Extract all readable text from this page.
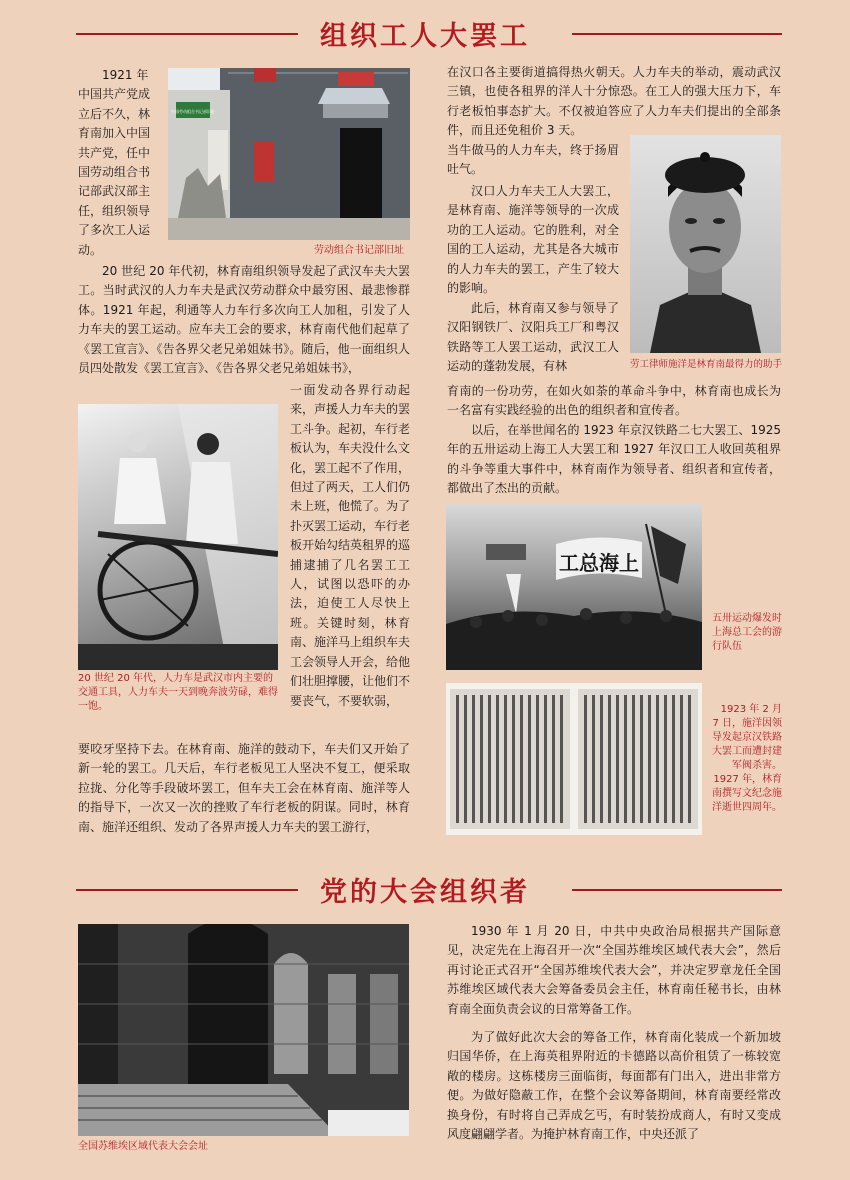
组织工人大罢工
中国劳动组合书记部旧址
劳动组合书记部旧址
1921 年
中国共产党成
立后不久，林
育南加入中国
共产党，任中
国劳动组合书
记部武汉部主
任，组织领导
了多次工人运
动。

20 世纪 20 年代初，林育南组织领导发起了武汉车夫大罢工。当时武汉的人力车夫是武汉劳动群众中最穷困、最悲惨群体。1921 年起，利通等人力车行多次向工人加租，引发了人力车夫的罢工运动。应车夫工会的要求，林育南代他们起草了《罢工宣言》、《告各界父老兄弟姐妹书》。随后，他一面组织人员四处散发《罢工宣言》、《告各界父老兄弟姐妹书》，

20 世纪 20 年代，人力车是武汉市内主要的交通工具，人力车夫一天到晚奔波劳碌，难得一饱。

一面发动各界行动起来，声援人力车夫的罢工斗争。起初，车行老板认为，车夫没什么文化，罢工起不了作用，但过了两天，工人们仍未上班，他慌了。为了扑灭罢工运动，车行老板开始勾结英租界的巡捕逮捕了几名罢工工人，试图以恐吓的办法，迫使工人尽快上班。关键时刻，林育南、施洋马上组织车夫工会领导人开会，给他们壮胆撑腰，让他们不要丧气，不要软弱，

要咬牙坚持下去。在林育南、施洋的鼓动下，车夫们又开始了新一轮的罢工。几天后，车行老板见工人坚决不复工，便采取拉拢、分化等手段破坏罢工，但车夫工会在林育南、施洋等人的指导下，一次又一次的挫败了车行老板的阴谋。同时，林育南、施洋还组织、发动了各界声援人力车夫的罢工游行，

在汉口各主要街道搞得热火朝天。人力车夫的举动，震动武汉三镇，也使各租界的洋人十分惊恐。在工人的强大压力下，车行老板怕事态扩大。不仅被迫答应了人力车夫们提出的全部条件，而且还免租价 3 天。

当牛做马的人力车夫，终于扬眉吐气。

汉口人力车夫工人大罢工，是林育南、施洋等领导的一次成功的工人运动。它的胜利，对全国的工人运动，尤其是各大城市的人力车夫的罢工，产生了较大的影响。

此后，林育南又参与领导了汉阳钢铁厂、汉阳兵工厂和粤汉铁路等工人罢工运动，武汉工人运动的蓬勃发展，有林

育南的一份功劳，在如火如荼的革命斗争中，林育南也成长为一名富有实践经验的出色的组织者和宣传者。

以后，在举世闻名的 1923 年京汉铁路二七大罢工、1925 年的五卅运动上海工人大罢工和 1927 年汉口工人收回英租界的斗争等重大事件中，林育南作为领导者、组织者和宣传者，都做出了杰出的贡献。

劳工律师施洋是林育南最得力的助手
工总海上
五卅运动爆发时上海总工会的游行队伍
1923 年 2 月 7 日，施洋因领导发起京汉铁路大罢工而遭封建军阀杀害。1927 年，林育南撰写文纪念施洋逝世四周年。
党的大会组织者
全国苏维埃区域代表大会会址

1930 年 1 月 20 日，中共中央政治局根据共产国际意见，决定先在上海召开一次“全国苏维埃区域代表大会”，然后再讨论正式召开“全国苏维埃代表大会”，并决定罗章龙任全国苏维埃区域代表大会筹备委员会主任，林育南任秘书长，由林育南全面负责会议的日常筹备工作。

为了做好此次大会的筹备工作，林育南化装成一个新加坡归国华侨，在上海英租界附近的卡德路以高价租赁了一栋较宽敞的楼房。这栋楼房三面临街，每面都有门出入，进出非常方便。为做好隐蔽工作，在整个会议筹备期间，林育南要经常改换身份，有时将自己弄成乞丐，有时装扮成商人，有时又变成风度翩翩学者。为掩护林育南工作，中央还派了
